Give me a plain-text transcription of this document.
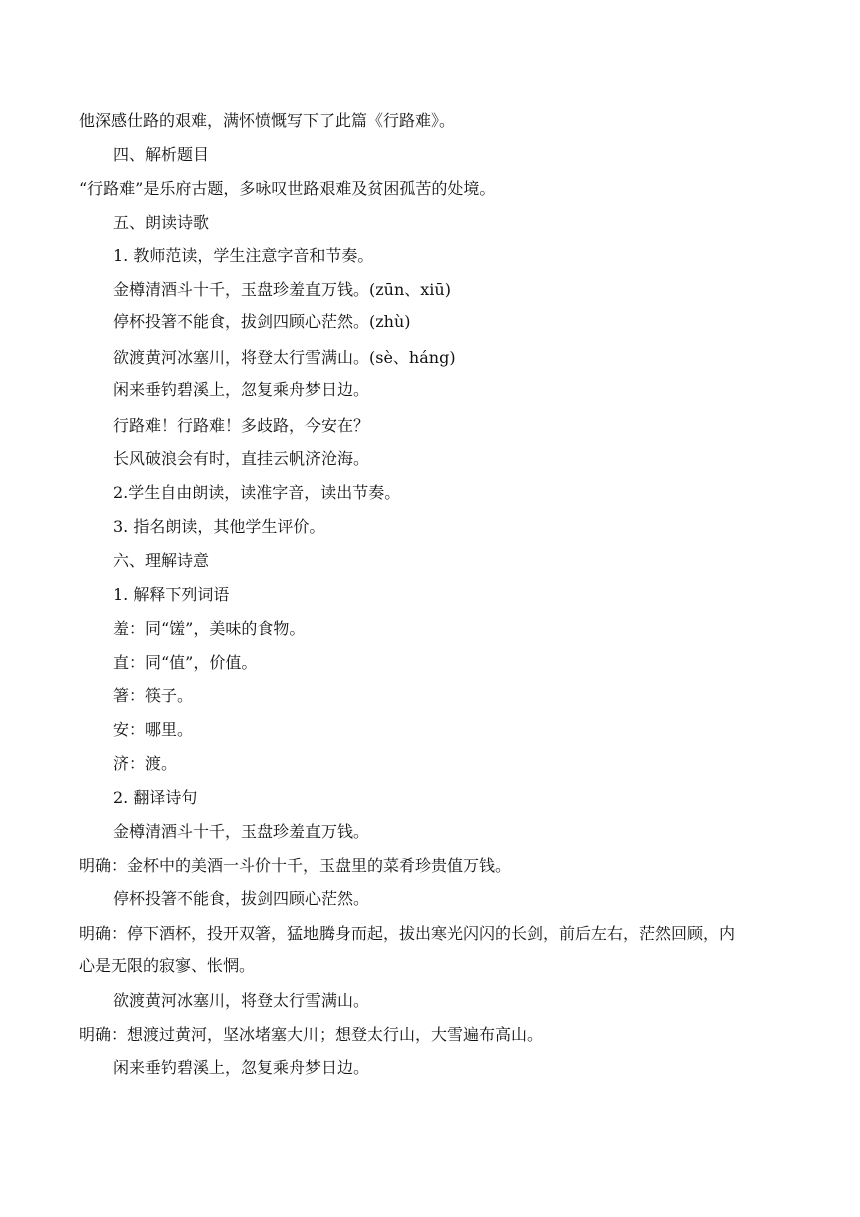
他深感仕路的艰难，满怀愤慨写下了此篇《行路难》。
四、解析题目
“行路难”是乐府古题，多咏叹世路艰难及贫困孤苦的处境。
五、朗读诗歌
1. 教师范读，学生注意字音和节奏。
金樽清酒斗十千，玉盘珍羞直万钱。(zūn、xiū)
停杯投箸不能食，拔剑四顾心茫然。(zhù)
欲渡黄河冰塞川，将登太行雪满山。(sè、háng)
闲来垂钓碧溪上，忽复乘舟梦日边。
行路难！行路难！多歧路，今安在？
长风破浪会有时，直挂云帆济沧海。
2.学生自由朗读，读准字音，读出节奏。
3. 指名朗读，其他学生评价。
六、理解诗意
1. 解释下列词语
羞：同“馐”，美味的食物。
直：同“值”，价值。
箸：筷子。
安：哪里。
济：渡。
2. 翻译诗句
金樽清酒斗十千，玉盘珍羞直万钱。
明确：金杯中的美酒一斗价十千，玉盘里的菜肴珍贵值万钱。
停杯投箸不能食，拔剑四顾心茫然。
明确：停下酒杯，投开双箸，猛地腾身而起，拔出寒光闪闪的长剑，前后左右，茫然回顾，内
心是无限的寂寥、怅惘。
欲渡黄河冰塞川，将登太行雪满山。
明确：想渡过黄河，坚冰堵塞大川；想登太行山，大雪遍布高山。
闲来垂钓碧溪上，忽复乘舟梦日边。
